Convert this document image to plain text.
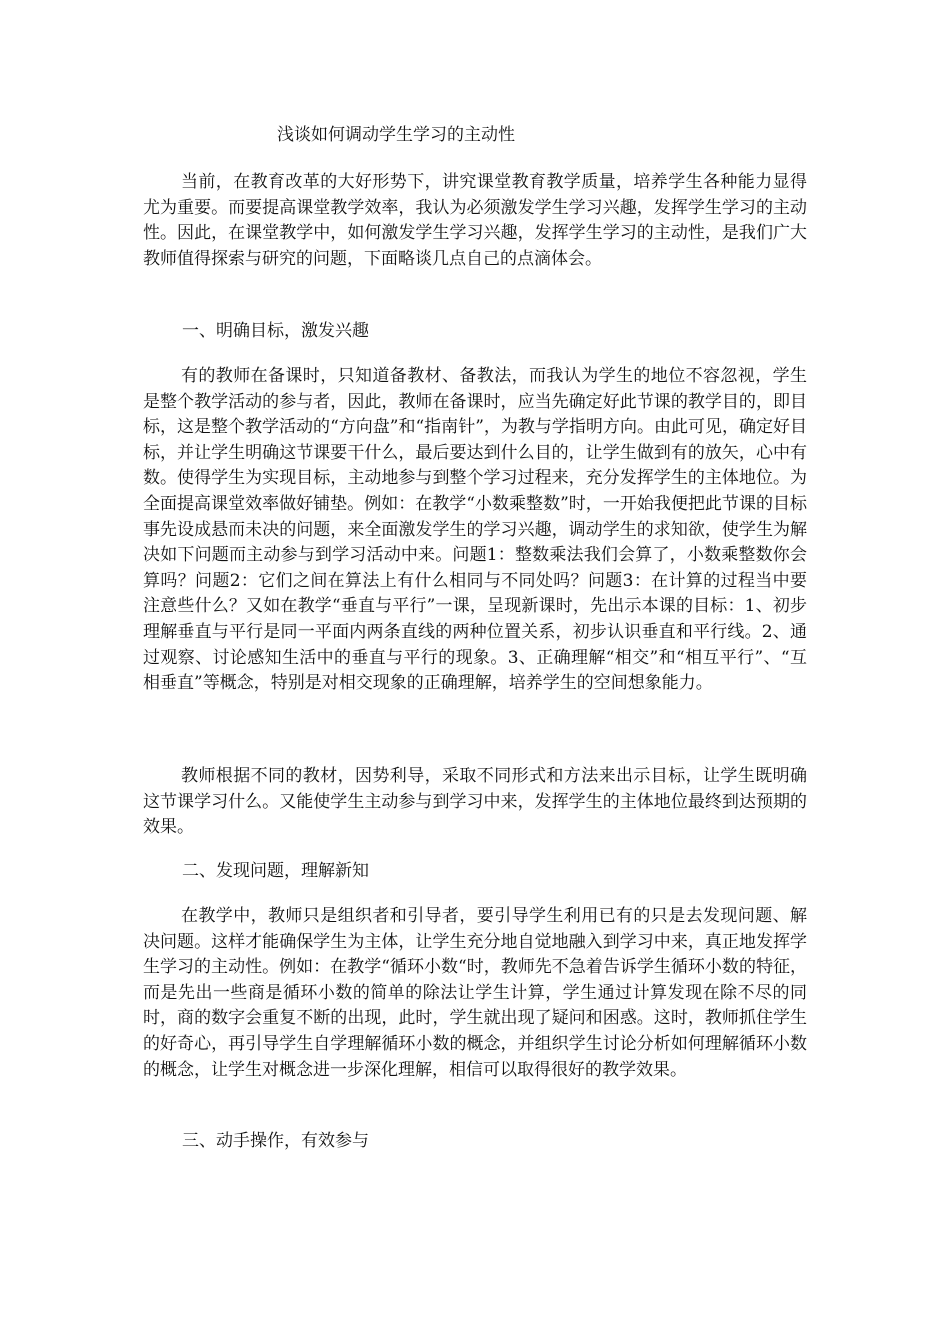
浅谈如何调动学生学习的主动性

当前，在教育改革的大好形势下，讲究课堂教育教学质量，培养学生各种能力显得尤为重要。而要提高课堂教学效率，我认为必须激发学生学习兴趣，发挥学生学习的主动性。因此，在课堂教学中，如何激发学生学习兴趣，发挥学生学习的主动性，是我们广大教师值得探索与研究的问题，下面略谈几点自己的点滴体会。

一、明确目标，激发兴趣

有的教师在备课时，只知道备教材、备教法，而我认为学生的地位不容忽视，学生是整个教学活动的参与者，因此，教师在备课时，应当先确定好此节课的教学目的，即目标，这是整个教学活动的“方向盘”和“指南针”，为教与学指明方向。由此可见，确定好目标，并让学生明确这节课要干什么，最后要达到什么目的，让学生做到有的放矢，心中有数。使得学生为实现目标，主动地参与到整个学习过程来，充分发挥学生的主体地位。为全面提高课堂效率做好铺垫。例如：在教学“小数乘整数”时，一开始我便把此节课的目标事先设成悬而未决的问题，来全面激发学生的学习兴趣，调动学生的求知欲，使学生为解决如下问题而主动参与到学习活动中来。问题1：整数乘法我们会算了，小数乘整数你会算吗？问题2：它们之间在算法上有什么相同与不同处吗？问题3：在计算的过程当中要注意些什么？又如在教学“垂直与平行”一课，呈现新课时，先出示本课的目标：1、初步理解垂直与平行是同一平面内两条直线的两种位置关系，初步认识垂直和平行线。2、通过观察、讨论感知生活中的垂直与平行的现象。3、正确理解“相交”和“相互平行”、“互相垂直”等概念，特别是对相交现象的正确理解，培养学生的空间想象能力。

教师根据不同的教材，因势利导，采取不同形式和方法来出示目标，让学生既明确这节课学习什么。又能使学生主动参与到学习中来，发挥学生的主体地位最终到达预期的效果。

二、发现问题，理解新知

在教学中，教师只是组织者和引导者，要引导学生利用已有的只是去发现问题、解决问题。这样才能确保学生为主体，让学生充分地自觉地融入到学习中来，真正地发挥学生学习的主动性。例如：在教学“循环小数“时，教师先不急着告诉学生循环小数的特征，而是先出一些商是循环小数的简单的除法让学生计算，学生通过计算发现在除不尽的同时，商的数字会重复不断的出现，此时，学生就出现了疑问和困惑。这时，教师抓住学生的好奇心，再引导学生自学理解循环小数的概念，并组织学生讨论分析如何理解循环小数的概念，让学生对概念进一步深化理解，相信可以取得很好的教学效果。

三、动手操作，有效参与
